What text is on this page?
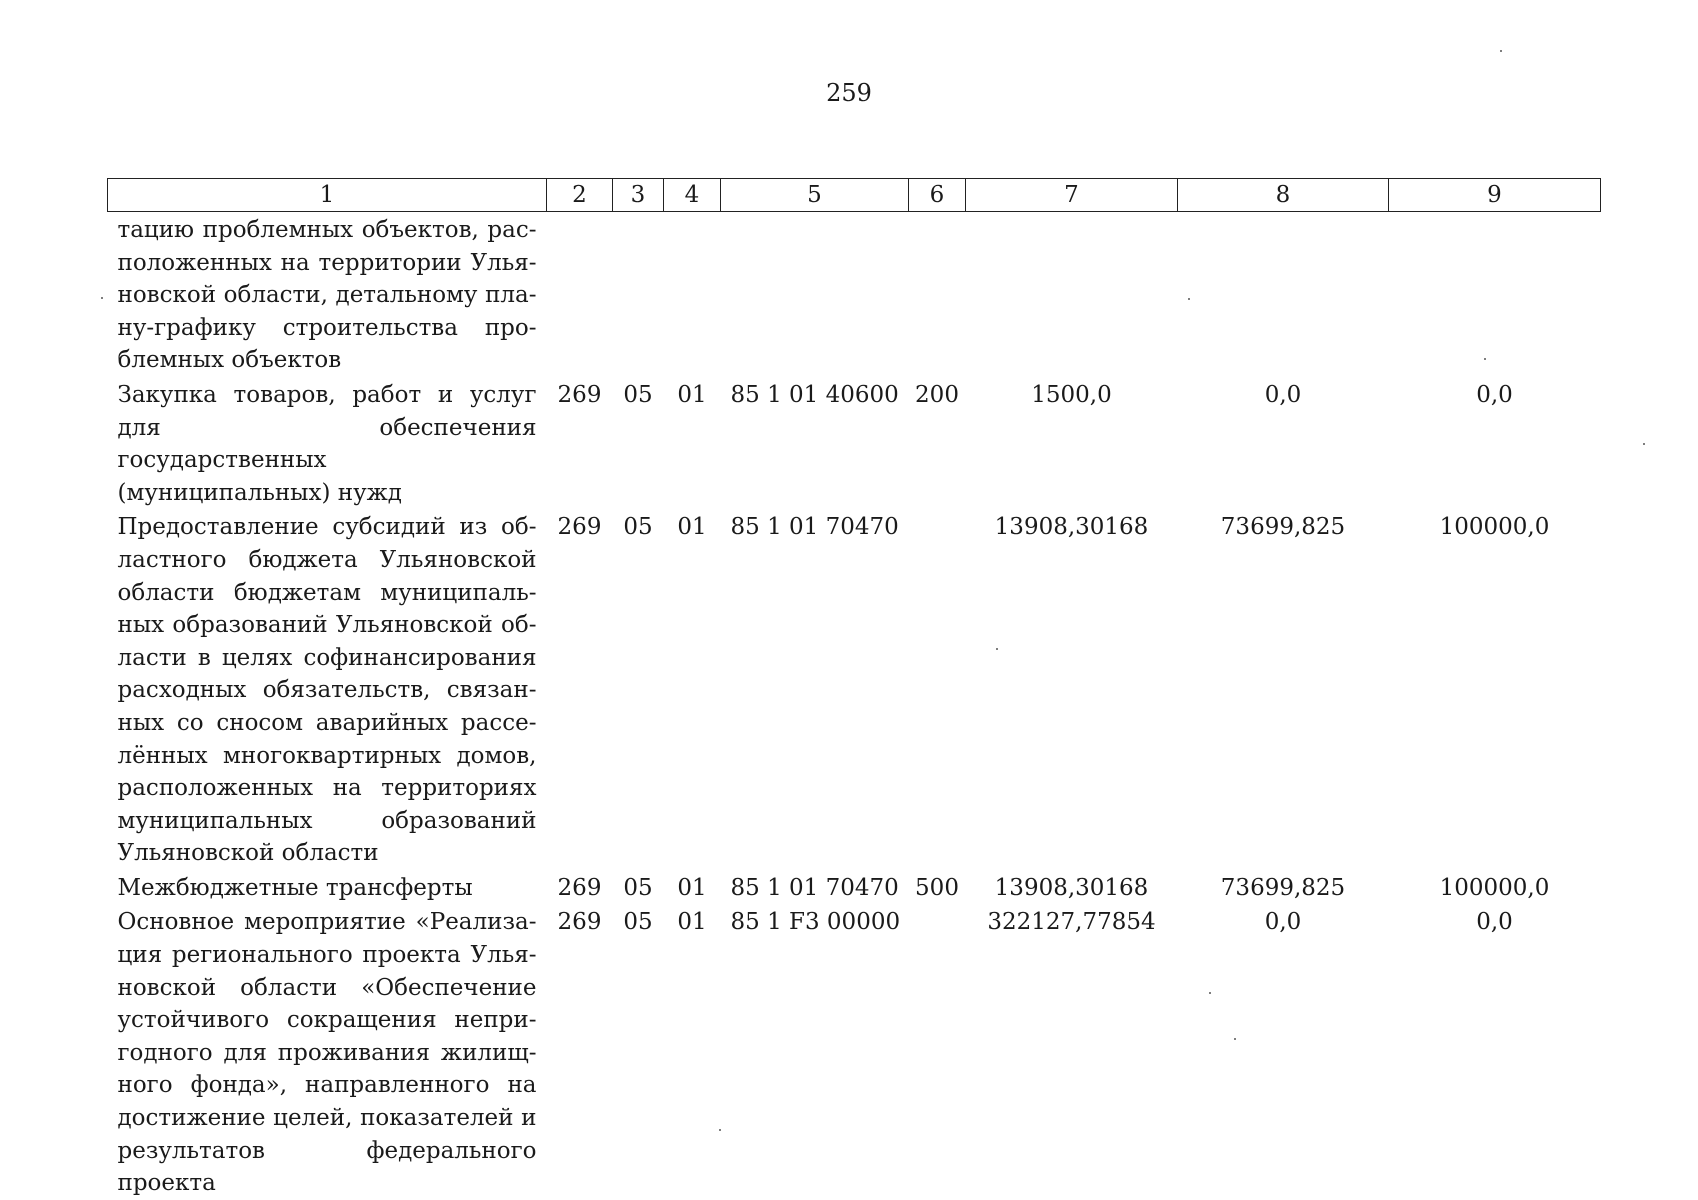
259
1	2	3	4	5	6	7	8	9
тацию проблемных объектов, рас- положенных на территории Улья- новской области, детальному пла- ну-графику строительства про- блемных объектов								
Закупка товаров, работ и услуг для обеспечения государственных (муниципальных) нужд	269	05	01	85 1 01 40600	200	1500,0	0,0	0,0
Предоставление субсидий из об- ластного бюджета Ульяновской области бюджетам муниципаль- ных образований Ульяновской об- ласти в целях софинансирования расходных обязательств, связан- ных со сносом аварийных рассе- лённых многоквартирных домов, расположенных на территориях муниципальных образований Ульяновской области	269	05	01	85 1 01 70470		13908,30168	73699,825	100000,0
Межбюджетные трансферты	269	05	01	85 1 01 70470	500	13908,30168	73699,825	100000,0
Основное мероприятие «Реализа- ция регионального проекта Улья- новской области «Обеспечение устойчивого сокращения непри- годного для проживания жилищ- ного фонда», направленного на достижение целей, показателей и результатов федерального проекта	269	05	01	85 1 F3 00000		322127,77854	0,0	0,0
